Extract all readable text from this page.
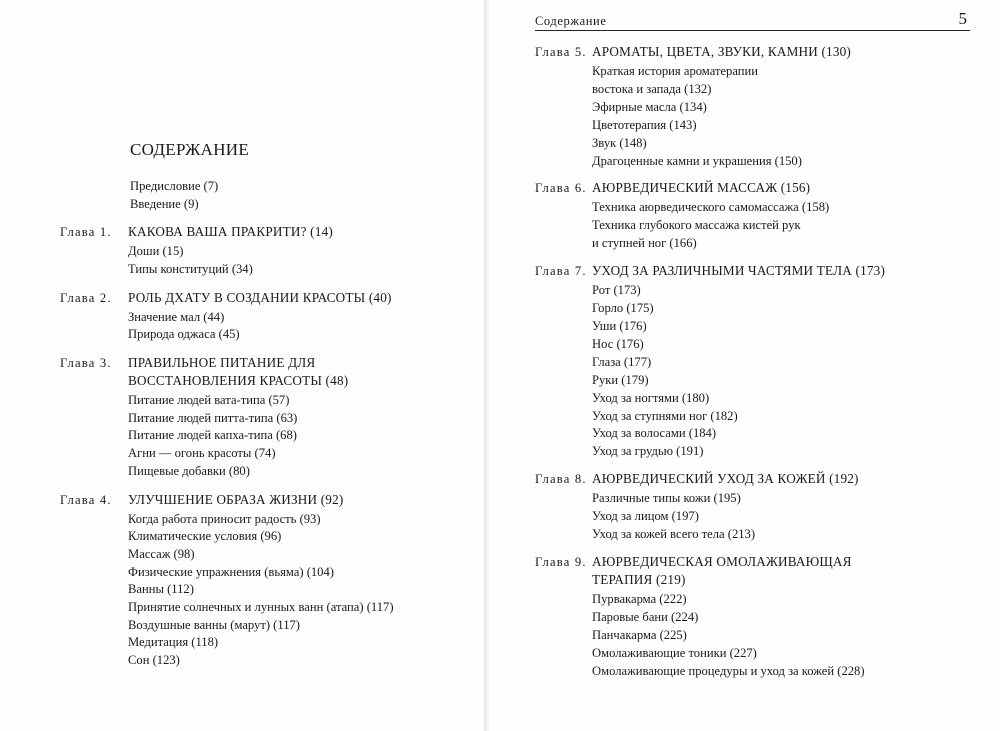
СОДЕРЖАНИЕ
Предисловие (7)
Введение (9)
Глава 1.	КАКОВА ВАША ПРАКРИТИ? (14)
Доши (15)
Типы конституций (34)
Глава 2.	РОЛЬ ДХАТУ В СОЗДАНИИ КРАСОТЫ (40)
Значение мал (44)
Природа оджаса (45)
Глава 3.	ПРАВИЛЬНОЕ ПИТАНИЕ ДЛЯ
ВОССТАНОВЛЕНИЯ КРАСОТЫ (48)
Питание людей вата-типа (57)
Питание людей питта-типа (63)
Питание людей капха-типа (68)
Агни — огонь красоты (74)
Пищевые добавки (80)
Глава 4.	УЛУЧШЕНИЕ ОБРАЗА ЖИЗНИ (92)
Когда работа приносит радость (93)
Климатические условия (96)
Массаж (98)
Физические упражнения (вьяма) (104)
Ванны (112)
Принятие солнечных и лунных ванн (атапа) (117)
Воздушные ванны (марут) (117)
Медитация (118)
Сон (123)
Содержание	5
Глава 5. АРОМАТЫ, ЦВЕТА, ЗВУКИ, КАМНИ (130)
Краткая история ароматерапии
востока и запада (132)
Эфирные масла (134)
Цветотерапия (143)
Звук (148)
Драгоценные камни и украшения (150)
Глава 6. АЮРВЕДИЧЕСКИЙ МАССАЖ (156)
Техника аюрведического самомассажа (158)
Техника глубокого массажа кистей рук
и ступней ног (166)
Глава 7. УХОД ЗА РАЗЛИЧНЫМИ ЧАСТЯМИ ТЕЛА (173)
Рот (173)
Горло (175)
Уши (176)
Нос (176)
Глаза (177)
Руки (179)
Уход за ногтями (180)
Уход за ступнями ног (182)
Уход за волосами (184)
Уход за грудью (191)
Глава 8. АЮРВЕДИЧЕСКИЙ УХОД ЗА КОЖЕЙ (192)
Различные типы кожи (195)
Уход за лицом (197)
Уход за кожей всего тела (213)
Глава 9. АЮРВЕДИЧЕСКАЯ ОМОЛАЖИВАЮЩАЯ
ТЕРАПИЯ (219)
Пурвакарма (222)
Паровые бани (224)
Панчакарма (225)
Омолаживающие тоники (227)
Омолаживающие процедуры и уход за кожей (228)
